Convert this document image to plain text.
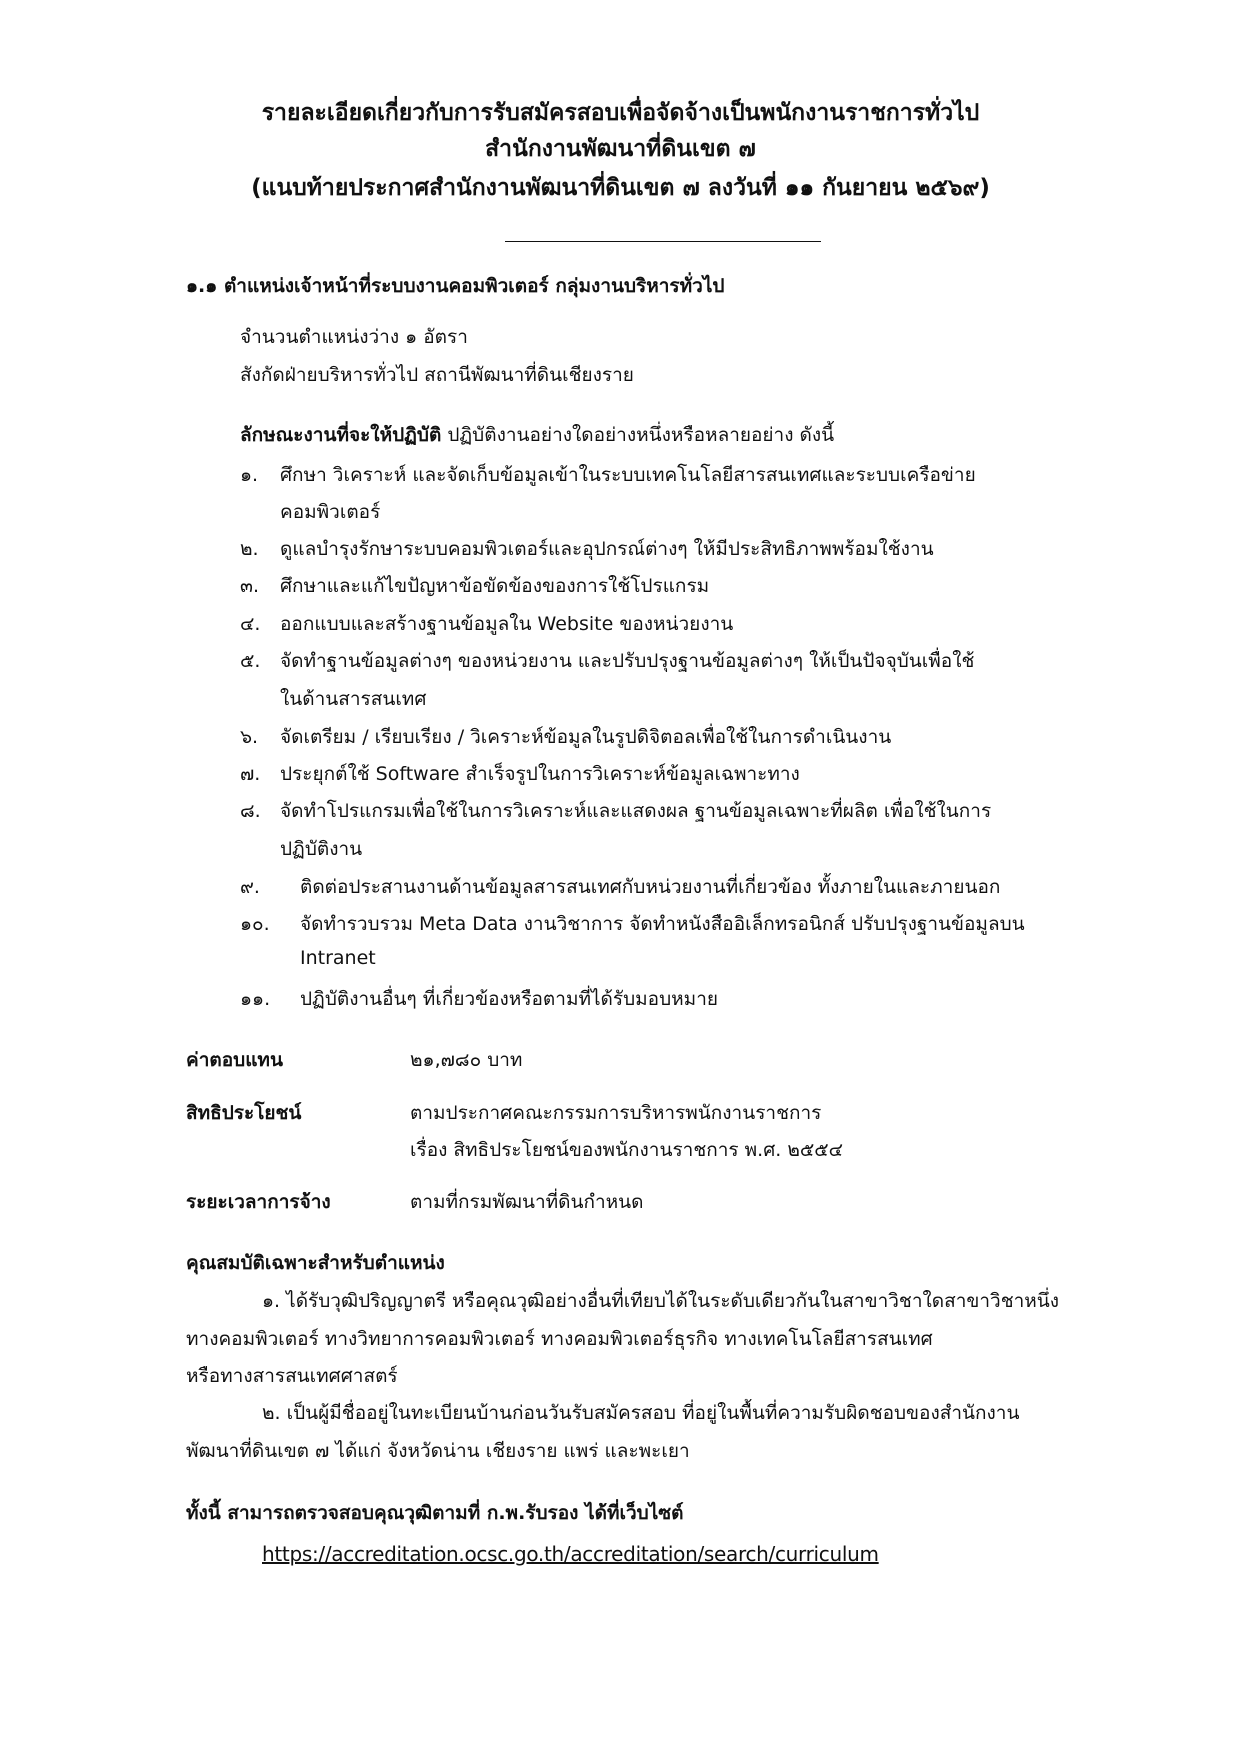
รายละเอียดเกี่ยวกับการรับสมัครสอบเพื่อจัดจ้างเป็นพนักงานราชการทั่วไป
สำนักงานพัฒนาที่ดินเขต ๗
(แนบท้ายประกาศสำนักงานพัฒนาที่ดินเขต ๗ ลงวันที่ ๑๑ กันยายน ๒๕๖๙)
๑.๑ ตำแหน่งเจ้าหน้าที่ระบบงานคอมพิวเตอร์ กลุ่มงานบริหารทั่วไป
จำนวนตำแหน่งว่าง ๑ อัตรา
สังกัดฝ่ายบริหารทั่วไป สถานีพัฒนาที่ดินเชียงราย
ลักษณะงานที่จะให้ปฏิบัติ ปฏิบัติงานอย่างใดอย่างหนึ่งหรือหลายอย่าง ดังนี้
๑. ศึกษา วิเคราะห์ และจัดเก็บข้อมูลเข้าในระบบเทคโนโลยีสารสนเทศและระบบเครือข่าย
คอมพิวเตอร์
๒. ดูแลบำรุงรักษาระบบคอมพิวเตอร์และอุปกรณ์ต่างๆ ให้มีประสิทธิภาพพร้อมใช้งาน
๓. ศึกษาและแก้ไขปัญหาข้อขัดข้องของการใช้โปรแกรม
๔. ออกแบบและสร้างฐานข้อมูลใน Website ของหน่วยงาน
๕. จัดทำฐานข้อมูลต่างๆ ของหน่วยงาน และปรับปรุงฐานข้อมูลต่างๆ ให้เป็นปัจจุบันเพื่อใช้
ในด้านสารสนเทศ
๖. จัดเตรียม / เรียบเรียง / วิเคราะห์ข้อมูลในรูปดิจิตอลเพื่อใช้ในการดำเนินงาน
๗. ประยุกต์ใช้ Software สำเร็จรูปในการวิเคราะห์ข้อมูลเฉพาะทาง
๘. จัดทำโปรแกรมเพื่อใช้ในการวิเคราะห์และแสดงผล ฐานข้อมูลเฉพาะที่ผลิต เพื่อใช้ในการ
ปฏิบัติงาน
๙. ติดต่อประสานงานด้านข้อมูลสารสนเทศกับหน่วยงานที่เกี่ยวข้อง ทั้งภายในและภายนอก
๑๐. จัดทำรวบรวม Meta Data งานวิชาการ จัดทำหนังสืออิเล็กทรอนิกส์ ปรับปรุงฐานข้อมูลบน
Intranet
๑๑. ปฏิบัติงานอื่นๆ ที่เกี่ยวข้องหรือตามที่ได้รับมอบหมาย
ค่าตอบแทน	๒๑,๗๘๐ บาท
สิทธิประโยชน์	ตามประกาศคณะกรรมการบริหารพนักงานราชการ
เรื่อง สิทธิประโยชน์ของพนักงานราชการ พ.ศ. ๒๕๕๔
ระยะเวลาการจ้าง	ตามที่กรมพัฒนาที่ดินกำหนด
คุณสมบัติเฉพาะสำหรับตำแหน่ง
๑. ได้รับวุฒิปริญญาตรี หรือคุณวุฒิอย่างอื่นที่เทียบได้ในระดับเดียวกันในสาขาวิชาใดสาขาวิชาหนึ่ง
ทางคอมพิวเตอร์ ทางวิทยาการคอมพิวเตอร์ ทางคอมพิวเตอร์ธุรกิจ ทางเทคโนโลยีสารสนเทศ
หรือทางสารสนเทศศาสตร์
๒. เป็นผู้มีชื่ออยู่ในทะเบียนบ้านก่อนวันรับสมัครสอบ ที่อยู่ในพื้นที่ความรับผิดชอบของสำนักงาน
พัฒนาที่ดินเขต ๗ ได้แก่ จังหวัดน่าน เชียงราย แพร่ และพะเยา
ทั้งนี้ สามารถตรวจสอบคุณวุฒิตามที่ ก.พ.รับรอง ได้ที่เว็บไซต์
https://accreditation.ocsc.go.th/accreditation/search/curriculum
